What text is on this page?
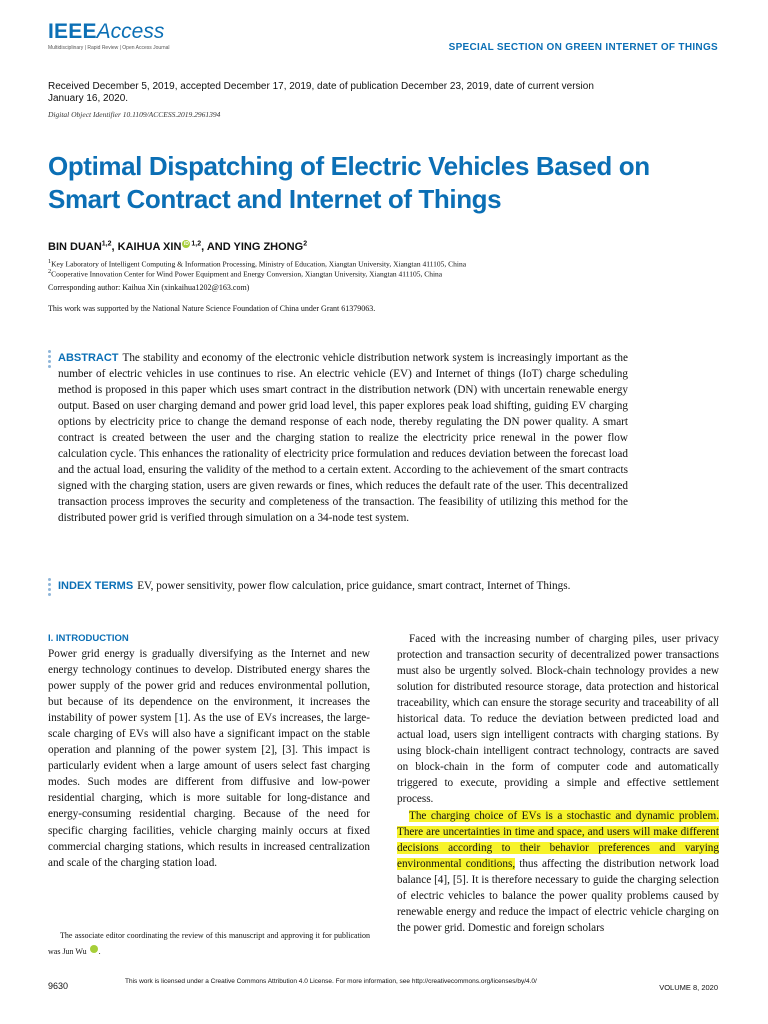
IEEEAccess
Multidisciplinary | Rapid Review | Open Access Journal	SPECIAL SECTION ON GREEN INTERNET OF THINGS
Received December 5, 2019, accepted December 17, 2019, date of publication December 23, 2019, date of current version January 16, 2020.
Digital Object Identifier 10.1109/ACCESS.2019.2961394
Optimal Dispatching of Electric Vehicles Based on Smart Contract and Internet of Things
BIN DUAN$^{1,2}$, KAIHUA XIN iD $^{1,2}$, AND YING ZHONG$^2$
$^1$Key Laboratory of Intelligent Computing & Information Processing, Ministry of Education, Xiangtan University, Xiangtan 411105, China
$^2$Cooperative Innovation Center for Wind Power Equipment and Energy Conversion, Xiangtan University, Xiangtan 411105, China
Corresponding author: Kaihua Xin (xinkaihua1202@163.com)
This work was supported by the National Nature Science Foundation of China under Grant 61379063.
ABSTRACT The stability and economy of the electronic vehicle distribution network system is increasingly important as the number of electric vehicles in use continues to rise. An electric vehicle (EV) and Internet of things (IoT) charge scheduling method is proposed in this paper which uses smart contract in the distribution network (DN) with uncertain renewable energy output. Based on user charging demand and power grid load level, this paper explores peak load shifting, guiding EV charging options by electricity price to change the demand response of each node, thereby regulating the DN power quality. A smart contract is created between the user and the charging station to realize the electricity price renewal in the power flow calculation cycle. This enhances the rationality of electricity price formulation and reduces deviation between the forecast load and the actual load, ensuring the validity of the method to a certain extent. According to the achievement of the smart contracts signed with the charging station, users are given rewards or fines, which reduces the default rate of the user. This decentralized transaction process improves the security and completeness of the transaction. The feasibility of utilizing this method for the distributed power grid is verified through simulation on a 34-node test system.
INDEX TERMS EV, power sensitivity, power flow calculation, price guidance, smart contract, Internet of Things.
I. INTRODUCTION

Power grid energy is gradually diversifying as the Internet and new energy technology continues to develop. Distributed energy shares the power supply of the power grid and reduces environmental pollution, but because of its dependence on the environment, it increases the instability of power system [1]. As the use of EVs increases, the large-scale charging of EVs will also have a significant impact on the stable operation and planning of the power system [2], [3]. This impact is particularly evident when a large amount of users select fast charging modes. Such modes are different from diffusive and low-power residential charging, which is more suitable for long-distance and energy-consuming residential charging. Because of the need for specific charging facilities, vehicle charging mainly occurs at fixed commercial charging stations, which results in increased centralization and scale of the charging station load.

Faced with the increasing number of charging piles, user privacy protection and transaction security of decentralized power transactions must also be urgently solved. Block-chain technology provides a new solution for distributed resource storage, data protection and historical traceability, which can ensure the storage security and traceability of all historical data. To reduce the deviation between predicted load and actual load, users sign intelligent contracts with charging stations. By using block-chain intelligent contract technology, contracts are saved on block-chain in the form of computer code and automatically triggered to execute, providing a simple and effective settlement process.

The charging choice of EVs is a stochastic and dynamic problem. There are uncertainties in time and space, and users will make different decisions according to their behavior preferences and varying environmental conditions, thus affecting the distribution network load balance [4], [5]. It is therefore necessary to guide the charging selection of electric vehicles to balance the power quality problems caused by renewable energy and reduce the impact of electric vehicle charging on the power grid. Domestic and foreign scholars

The associate editor coordinating the review of this manuscript and approving it for publication was Jun Wu	iD.
9630	This work is licensed under a Creative Commons Attribution 4.0 License. For more information, see http://creativecommons.org/licenses/by/4.0/
VOLUME 8, 2020
